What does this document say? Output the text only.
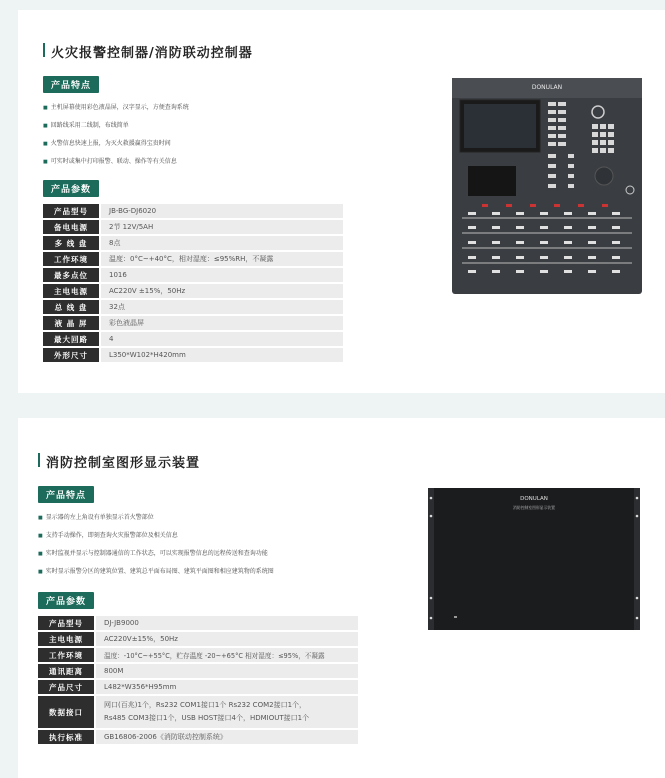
火灾报警控制器/消防联动控制器
产品特点
■ 主机屏幕使用彩色液晶屏，汉字显示，方便查询系统
■ 回路线采用二线制，布线简单
■ 火警信息快速上报，为灭火救援赢得宝贵时间
■ 可实时或集中打印报警、联动、操作等有关信息
产品参数
产品型号	JB-BG-DJ6020
备电电源	2节 12V/5AH
多 线 盘	8点
工作环境	温度：0°C~+40°C，相对湿度：≤95%RH，不凝露
最多点位	1016
主电电源	AC220V ±15%，50Hz
总 线 盘	32点
液 晶 屏	彩色液晶屏
最大回路	4
外形尺寸	L350*W102*H420mm
DONULAN
消防控制室图形显示装置
产品特点
■ 显示器的左上角设有单独显示首火警部位
■ 支持手动操作，即刻查询火灾报警部位及相关信息
■ 实时监视并显示与控制器通信的工作状态，可以实现报警信息的远程传送和查询功能
■ 实时显示报警分区的建筑位置、建筑总平面布局图、建筑平面图和相应建筑物的系统图
产品参数
产品型号	DJ-JB9000
主电电源	AC220V±15%，50Hz
工作环境	温度：-10°C~+55°C，贮存温度 -20~+65°C 相对湿度：≤95%，不凝露
通讯距离	800M
产品尺寸	L482*W356*H95mm
数据接口
网口(百兆)1个，Rs232 COM1接口1个 Rs232 COM2接口1个，
Rs485 COM3接口1个，USB HOST接口4个，HDMIOUT接口1个
执行标准	GB16806-2006《消防联动控制系统》
DONULAN
消防控制室图形显示装置
